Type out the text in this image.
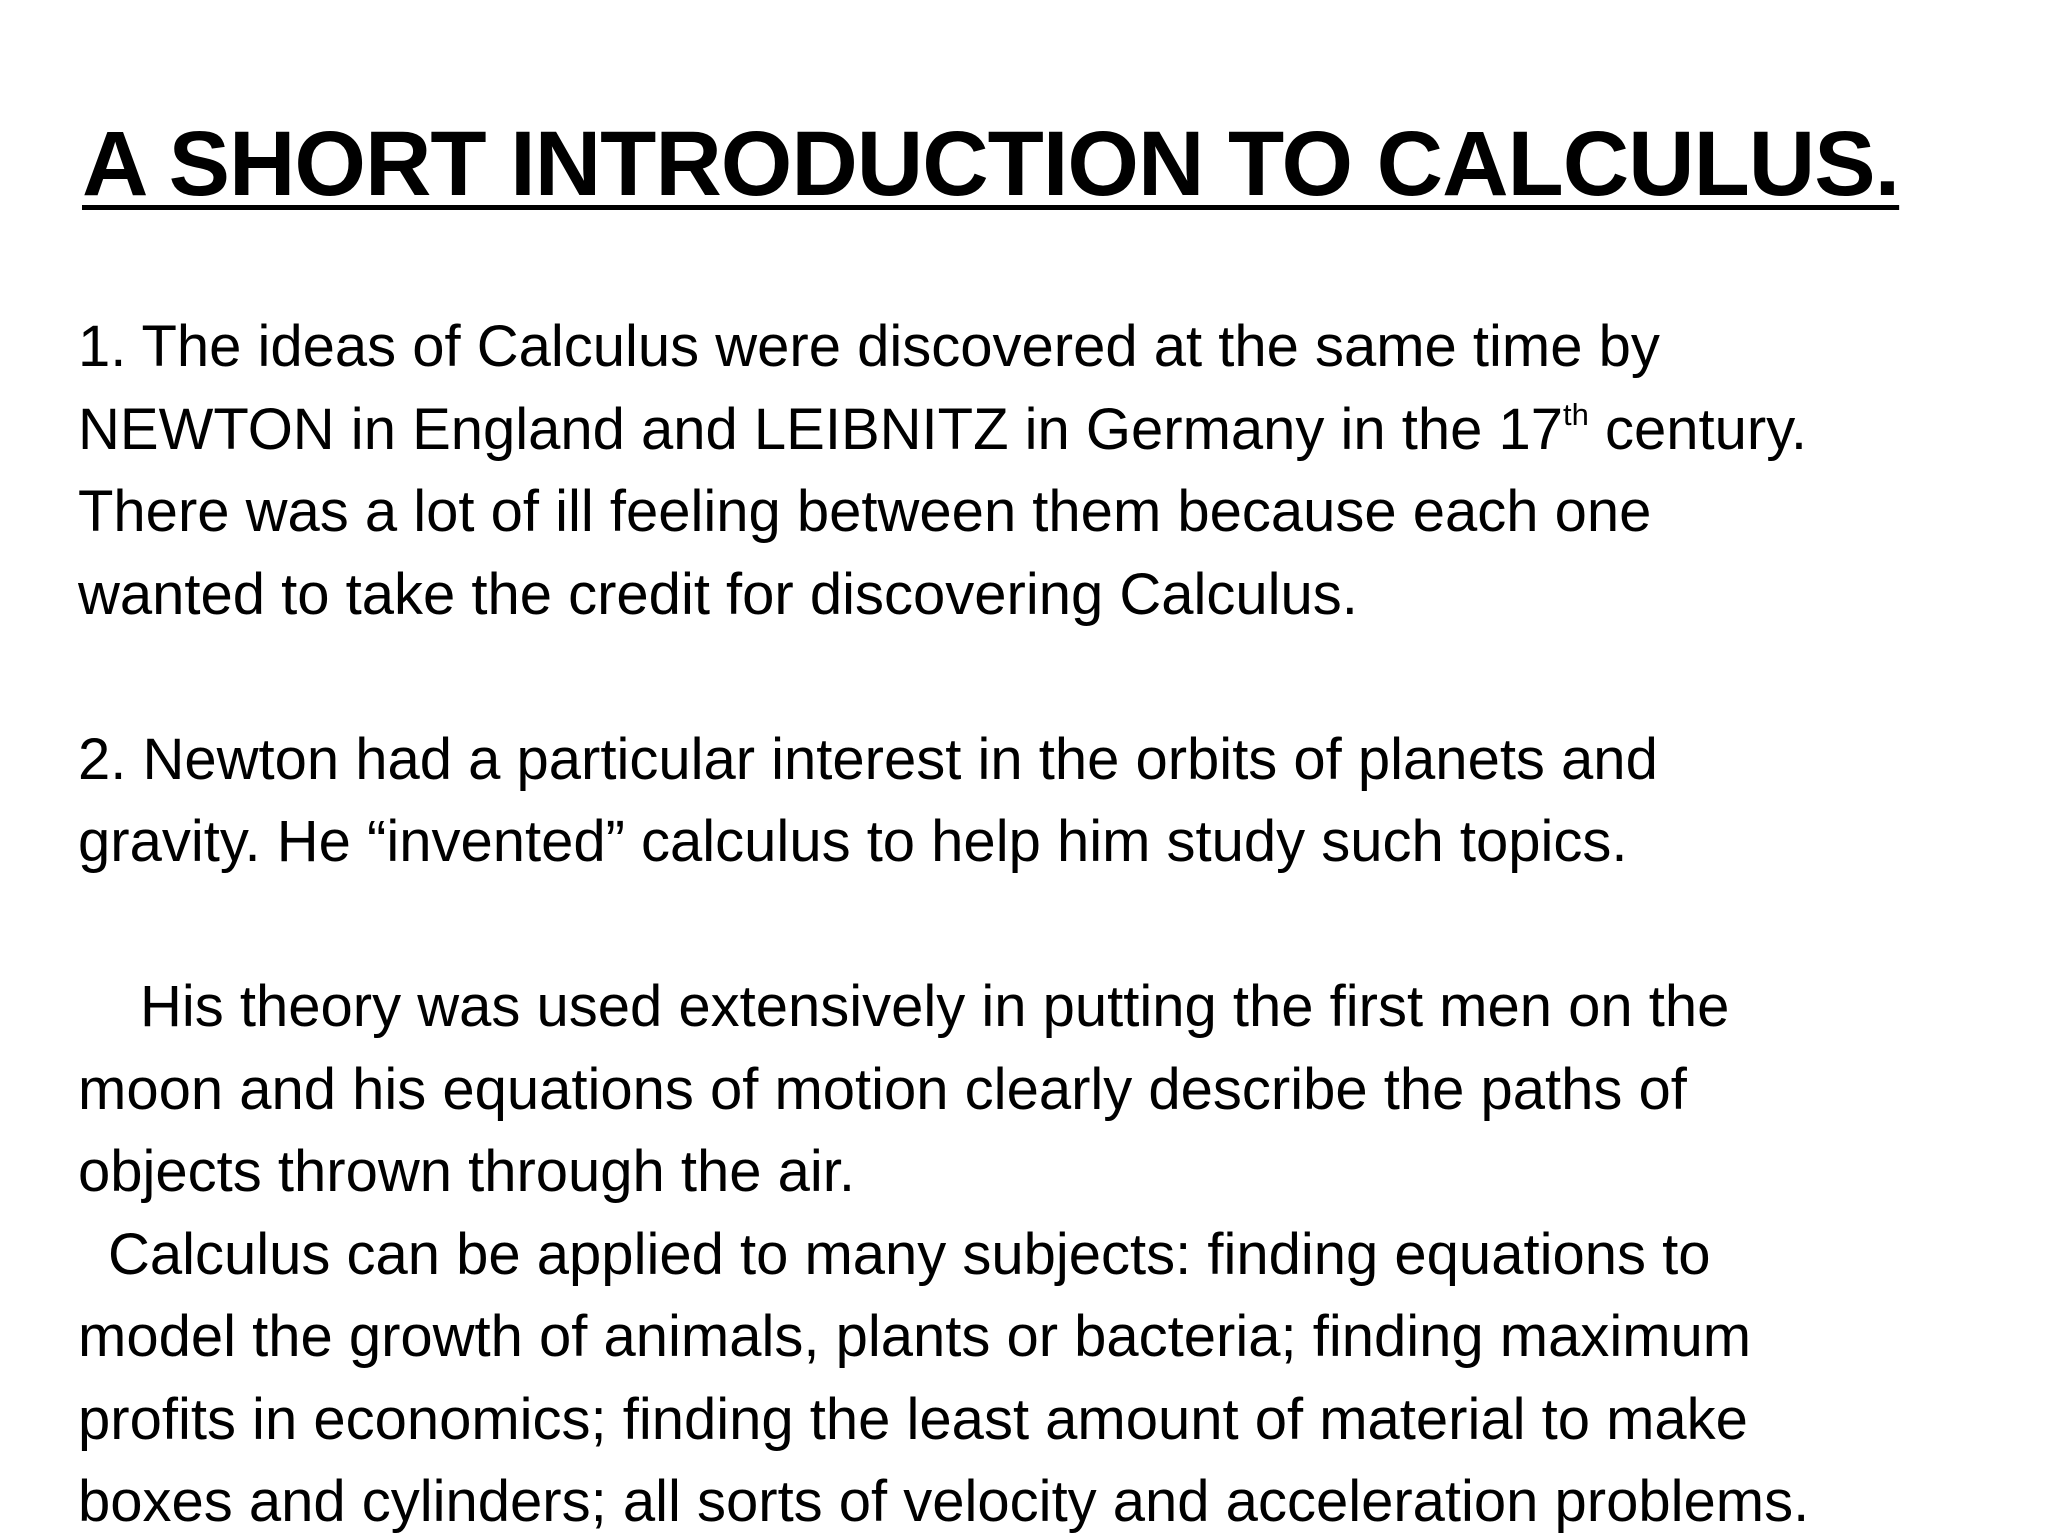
A SHORT INTRODUCTION TO CALCULUS.

1. The ideas of Calculus were discovered at the same time by
NEWTON in England and LEIBNITZ in Germany in the 17th century.
There was a lot of ill feeling between them because each one
wanted to take the credit for discovering Calculus.

2. Newton had a particular interest in the orbits of planets and
gravity. He “invented” calculus to help him study such topics.

His theory was used extensively in putting the first men on the
moon and his equations of motion clearly describe the paths of
objects thrown through the air.

Calculus can be applied to many subjects: finding equations to
model the growth of animals, plants or bacteria; finding maximum
profits in economics; finding the least amount of material to make
boxes and cylinders; all sorts of velocity and acceleration problems.
